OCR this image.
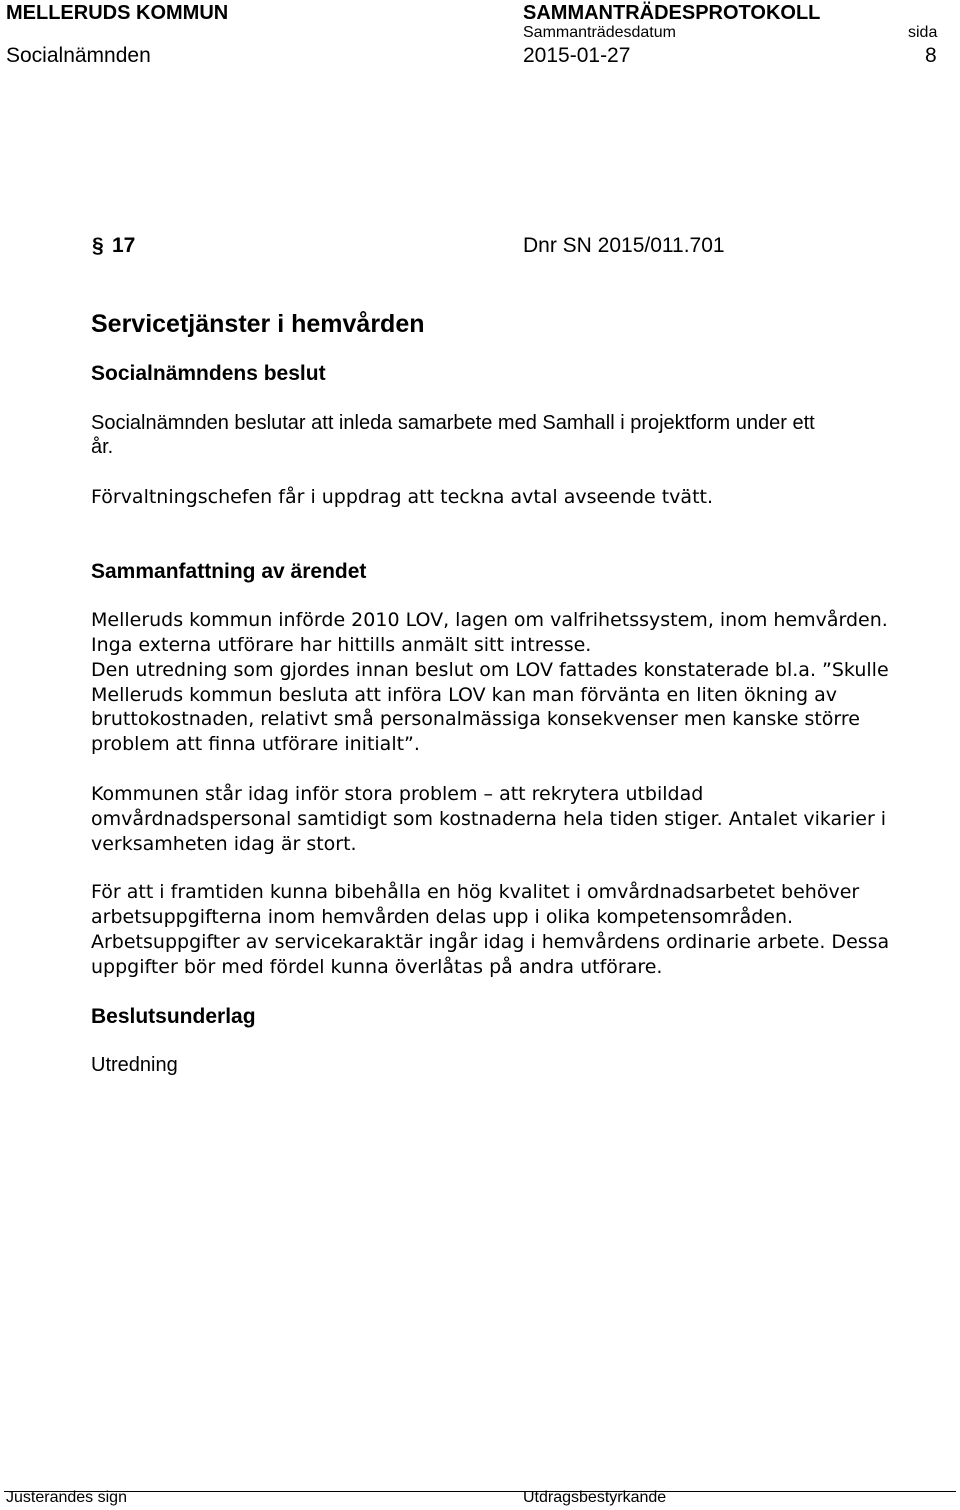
MELLERUDS KOMMUN	SAMMANTRÄDESPROTOKOLL
Sammanträdesdatum	sida
Socialnämnden	2015-01-27	8
§ 17	Dnr SN 2015/011.701
Servicetjänster i hemvården
Socialnämndens beslut
Socialnämnden beslutar att inleda samarbete med Samhall i projektform under ett
år.
Förvaltningschefen får i uppdrag att teckna avtal avseende tvätt.
Sammanfattning av ärendet
Melleruds kommun införde 2010 LOV, lagen om valfrihetssystem, inom hemvården.
Inga externa utförare har hittills anmält sitt intresse.
Den utredning som gjordes innan beslut om LOV fattades konstaterade bl.a. ”Skulle
Melleruds kommun besluta att införa LOV kan man förvänta en liten ökning av
bruttokostnaden, relativt små personalmässiga konsekvenser men kanske större
problem att finna utförare initialt”.
Kommunen står idag inför stora problem – att rekrytera utbildad
omvårdnadspersonal samtidigt som kostnaderna hela tiden stiger. Antalet vikarier i
verksamheten idag är stort.
För att i framtiden kunna bibehålla en hög kvalitet i omvårdnadsarbetet behöver
arbetsuppgifterna inom hemvården delas upp i olika kompetensområden.
Arbetsuppgifter av servicekaraktär ingår idag i hemvårdens ordinarie arbete. Dessa
uppgifter bör med fördel kunna överlåtas på andra utförare.
Beslutsunderlag
Utredning
Justerandes sign	Utdragsbestyrkande
